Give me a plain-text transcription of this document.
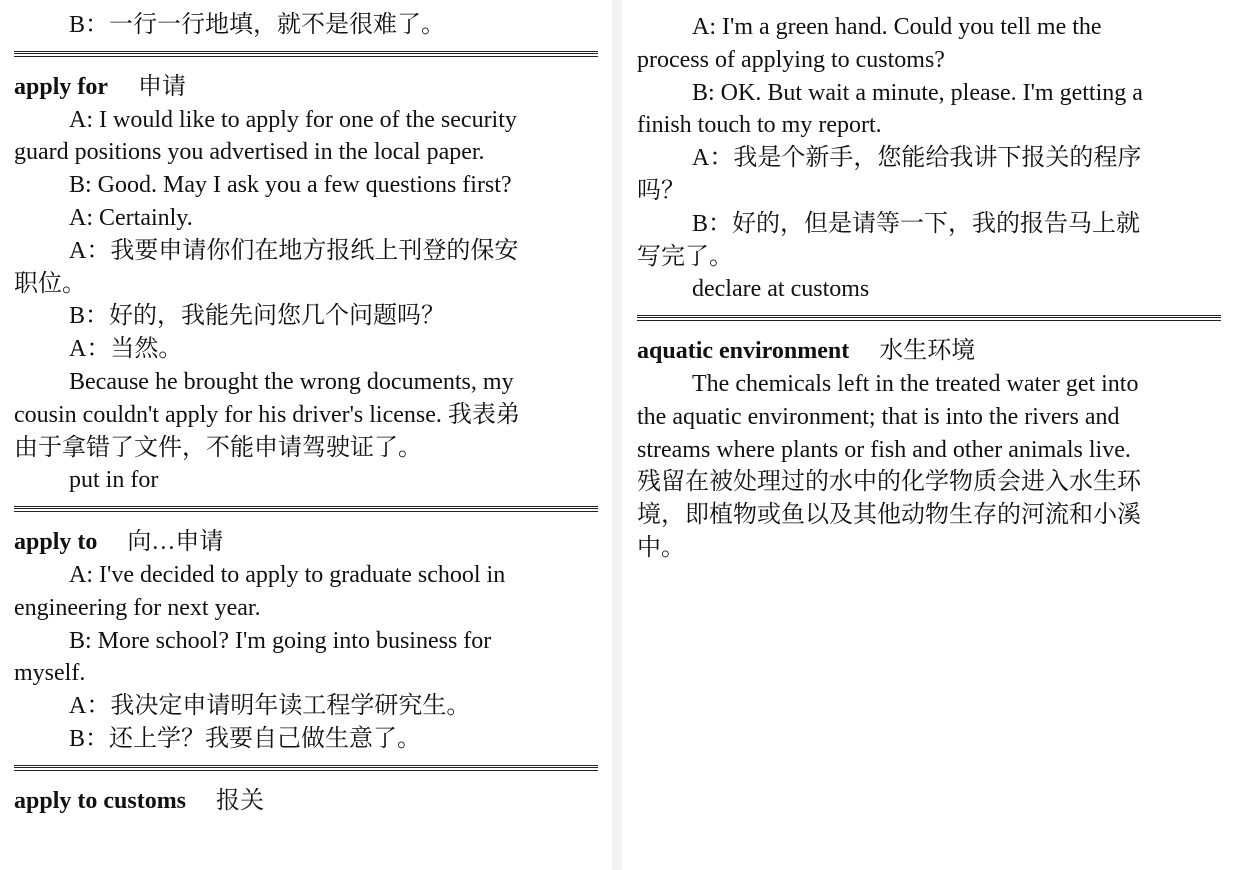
B：一行一行地填，就不是很难了。
apply for 申请
A: I would like to apply for one of the security
guard positions you advertised in the local paper.
B: Good. May I ask you a few questions first?
A: Certainly.
A：我要申请你们在地方报纸上刊登的保安
职位。
B：好的，我能先问您几个问题吗？
A：当然。
Because he brought the wrong documents, my
cousin couldn't apply for his driver's license. 我表弟
由于拿错了文件，不能申请驾驶证了。
put in for
apply to 向…申请
A: I've decided to apply to graduate school in
engineering for next year.
B: More school? I'm going into business for
myself.
A：我决定申请明年读工程学研究生。
B：还上学？我要自己做生意了。
apply to customs 报关
A: I'm a green hand. Could you tell me the
process of applying to customs?
B: OK. But wait a minute, please. I'm getting a
finish touch to my report.
A：我是个新手，您能给我讲下报关的程序
吗？
B：好的，但是请等一下，我的报告马上就
写完了。
declare at customs
aquatic environment 水生环境
The chemicals left in the treated water get into
the aquatic environment; that is into the rivers and
streams where plants or fish and other animals live.
残留在被处理过的水中的化学物质会进入水生环
境，即植物或鱼以及其他动物生存的河流和小溪
中。
